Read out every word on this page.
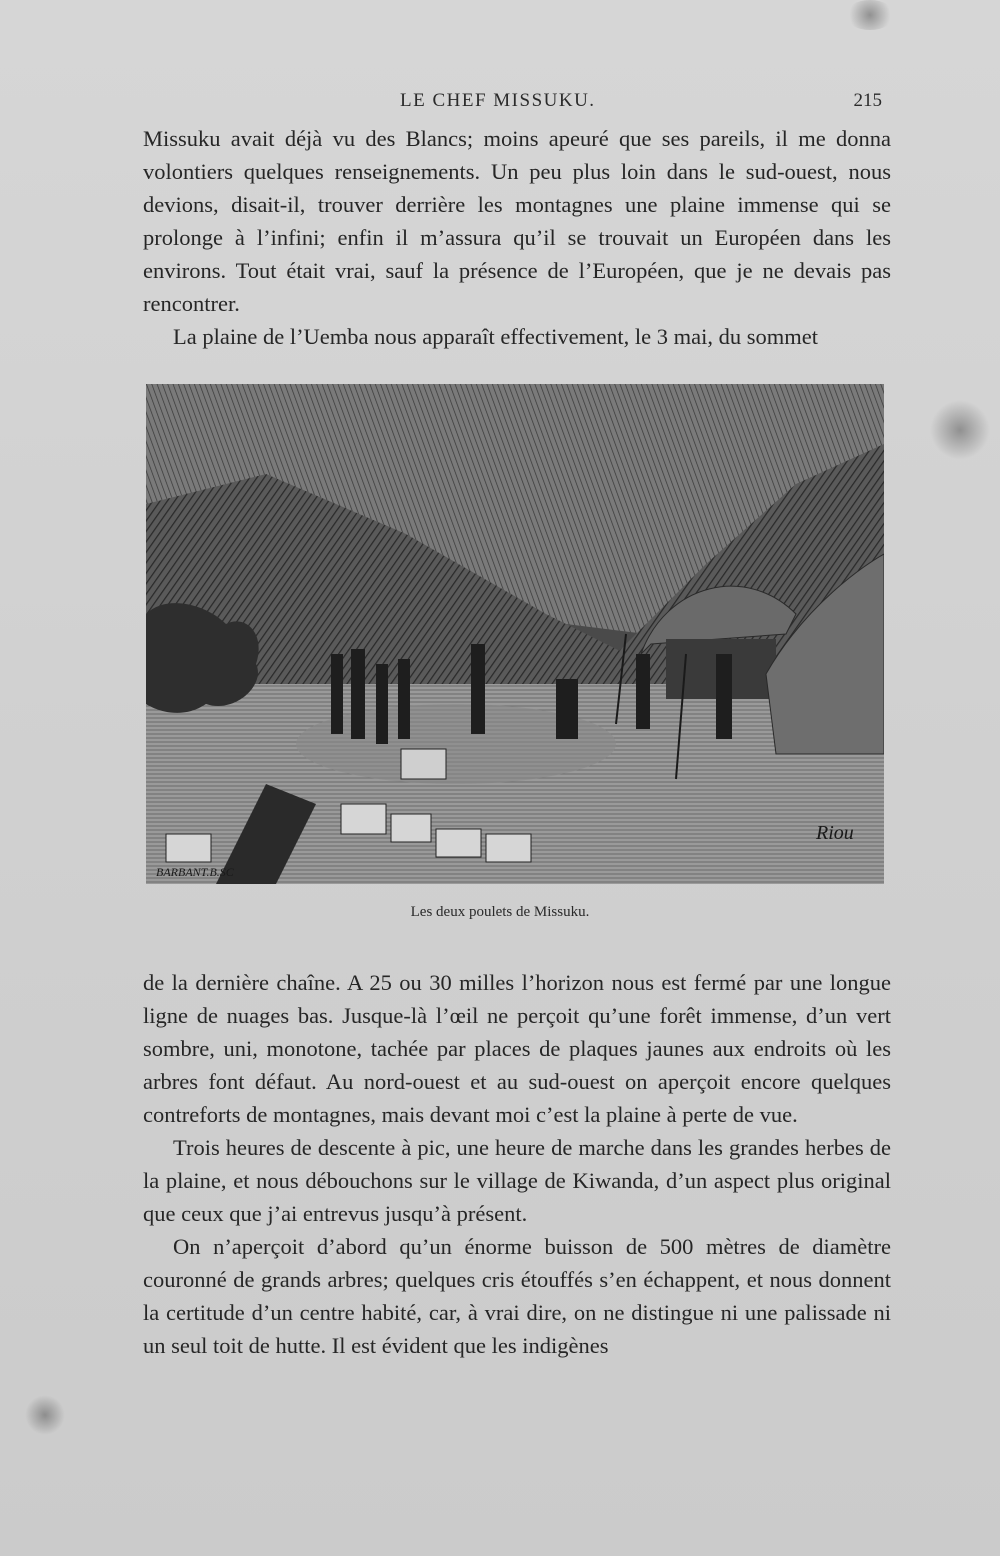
LE CHEF MISSUKU.	215

Missuku avait déjà vu des Blancs; moins apeuré que ses pareils, il me donna volontiers quelques renseignements. Un peu plus loin dans le sud-ouest, nous devions, disait-il, trouver derrière les montagnes une plaine immense qui se prolonge à l’infini; enfin il m’assura qu’il se trouvait un Européen dans les environs. Tout était vrai, sauf la présence de l’Européen, que je ne devais pas rencontrer.

La plaine de l’Uemba nous apparaît effectivement, le 3 mai, du sommet

BARBANT.B.SC
Riou
Les deux poulets de Missuku.

de la dernière chaîne. A 25 ou 30 milles l’horizon nous est fermé par une longue ligne de nuages bas. Jusque-là l’œil ne perçoit qu’une forêt immense, d’un vert sombre, uni, monotone, tachée par places de plaques jaunes aux endroits où les arbres font défaut. Au nord-ouest et au sud-ouest on aperçoit encore quelques contreforts de montagnes, mais devant moi c’est la plaine à perte de vue.

Trois heures de descente à pic, une heure de marche dans les grandes herbes de la plaine, et nous débouchons sur le village de Kiwanda, d’un aspect plus original que ceux que j’ai entrevus jusqu’à présent.

On n’aperçoit d’abord qu’un énorme buisson de 500 mètres de diamètre couronné de grands arbres; quelques cris étouffés s’en échappent, et nous donnent la certitude d’un centre habité, car, à vrai dire, on ne distingue ni une palissade ni un seul toit de hutte. Il est évident que les indigènes
